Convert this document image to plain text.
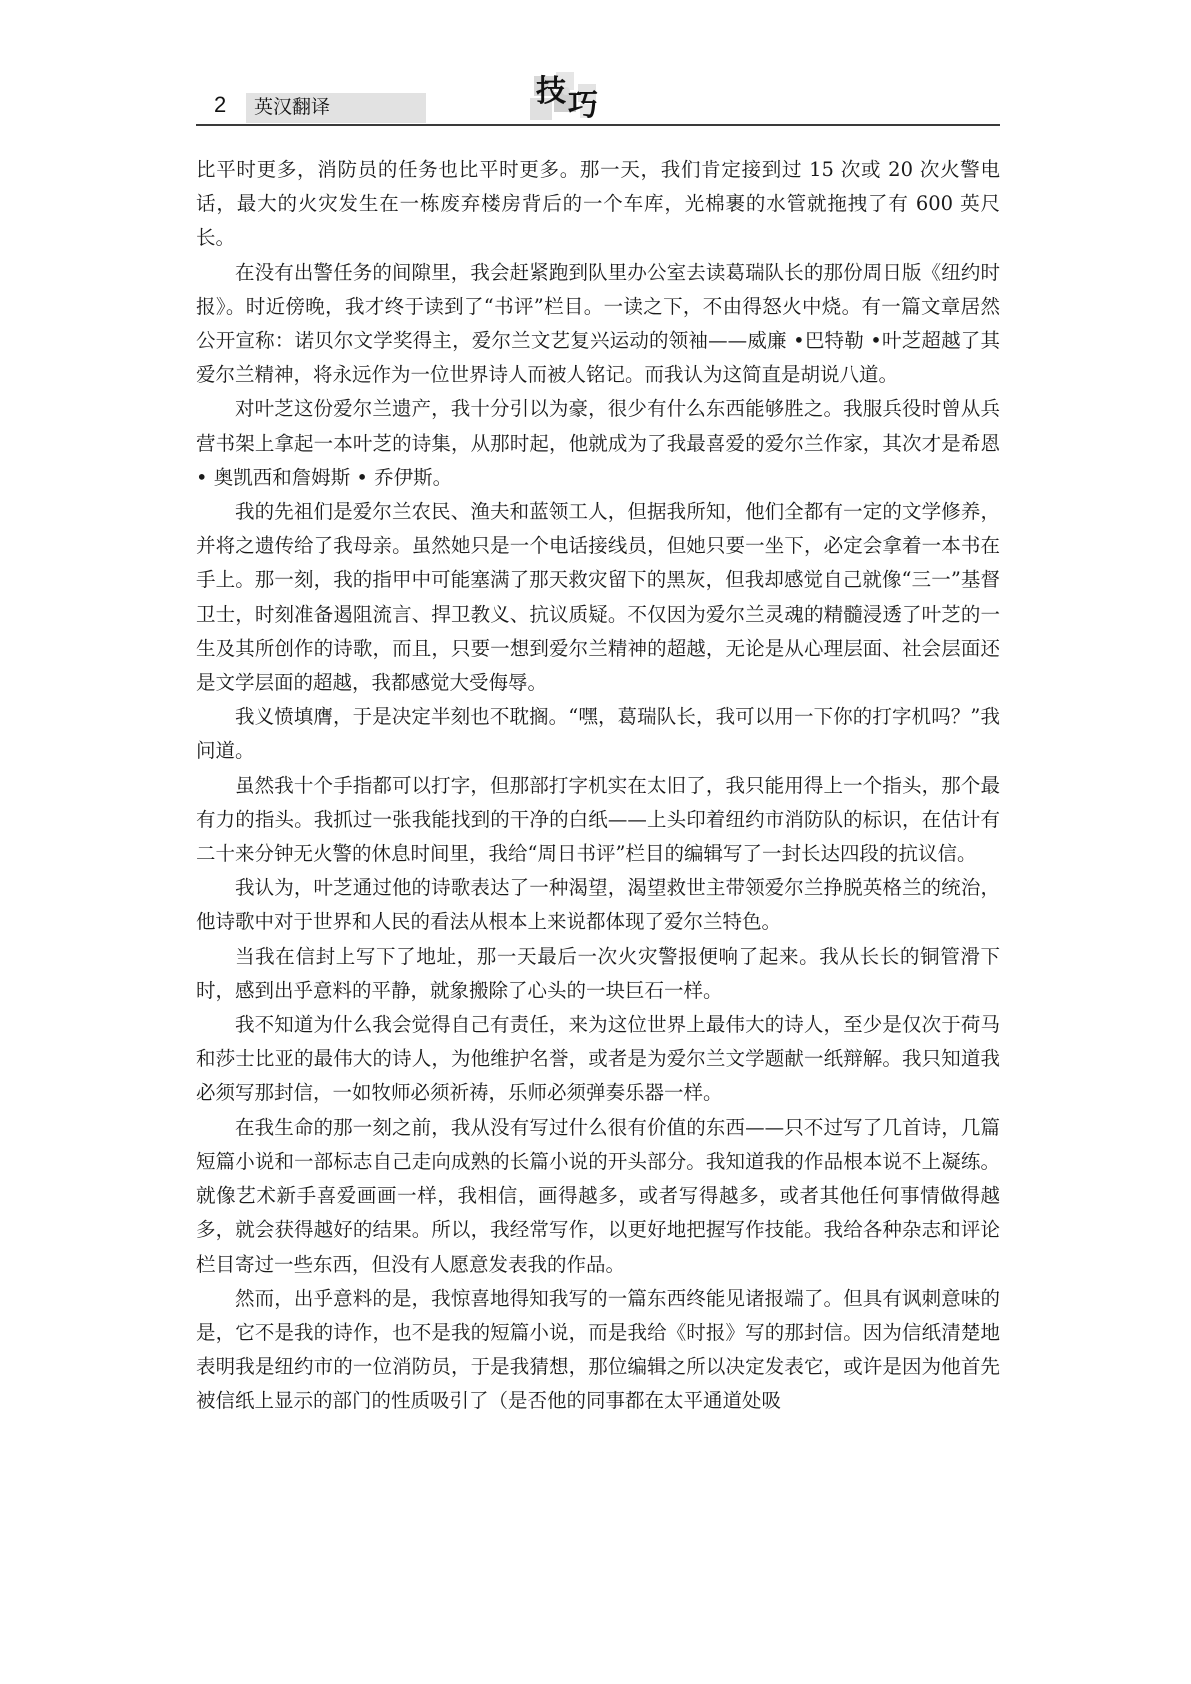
2 英汉翻译	技 巧

比平时更多，消防员的任务也比平时更多。那一天，我们肯定接到过 15 次或 20 次火警电话，最大的火灾发生在一栋废弃楼房背后的一个车库，光棉裹的水管就拖拽了有 600 英尺长。

在没有出警任务的间隙里，我会赶紧跑到队里办公室去读葛瑞队长的那份周日版《纽约时报》。时近傍晚，我才终于读到了“书评”栏目。一读之下，不由得怒火中烧。有一篇文章居然公开宣称：诺贝尔文学奖得主，爱尔兰文艺复兴运动的领袖——威廉 •巴特勒 •叶芝超越了其爱尔兰精神，将永远作为一位世界诗人而被人铭记。而我认为这简直是胡说八道。

对叶芝这份爱尔兰遗产，我十分引以为豪，很少有什么东西能够胜之。我服兵役时曾从兵营书架上拿起一本叶芝的诗集，从那时起，他就成为了我最喜爱的爱尔兰作家，其次才是希恩 • 奥凯西和詹姆斯 • 乔伊斯。

我的先祖们是爱尔兰农民、渔夫和蓝领工人，但据我所知，他们全都有一定的文学修养，并将之遗传给了我母亲。虽然她只是一个电话接线员，但她只要一坐下，必定会拿着一本书在手上。那一刻，我的指甲中可能塞满了那天救灾留下的黑灰，但我却感觉自己就像“三一”基督卫士，时刻准备遏阻流言、捍卫教义、抗议质疑。不仅因为爱尔兰灵魂的精髓浸透了叶芝的一生及其所创作的诗歌，而且，只要一想到爱尔兰精神的超越，无论是从心理层面、社会层面还是文学层面的超越，我都感觉大受侮辱。

我义愤填膺，于是决定半刻也不耽搁。“嘿，葛瑞队长，我可以用一下你的打字机吗？”我问道。

虽然我十个手指都可以打字，但那部打字机实在太旧了，我只能用得上一个指头，那个最有力的指头。我抓过一张我能找到的干净的白纸——上头印着纽约市消防队的标识，在估计有二十来分钟无火警的休息时间里，我给“周日书评”栏目的编辑写了一封长达四段的抗议信。

我认为，叶芝通过他的诗歌表达了一种渴望，渴望救世主带领爱尔兰挣脱英格兰的统治，他诗歌中对于世界和人民的看法从根本上来说都体现了爱尔兰特色。

当我在信封上写下了地址，那一天最后一次火灾警报便响了起来。我从长长的铜管滑下时，感到出乎意料的平静，就象搬除了心头的一块巨石一样。

我不知道为什么我会觉得自己有责任，来为这位世界上最伟大的诗人，至少是仅次于荷马和莎士比亚的最伟大的诗人，为他维护名誉，或者是为爱尔兰文学题献一纸辩解。我只知道我必须写那封信，一如牧师必须祈祷，乐师必须弹奏乐器一样。

在我生命的那一刻之前，我从没有写过什么很有价值的东西——只不过写了几首诗，几篇短篇小说和一部标志自己走向成熟的长篇小说的开头部分。我知道我的作品根本说不上凝练。就像艺术新手喜爱画画一样，我相信，画得越多，或者写得越多，或者其他任何事情做得越多，就会获得越好的结果。所以，我经常写作，以更好地把握写作技能。我给各种杂志和评论栏目寄过一些东西，但没有人愿意发表我的作品。

然而，出乎意料的是，我惊喜地得知我写的一篇东西终能见诸报端了。但具有讽刺意味的是，它不是我的诗作，也不是我的短篇小说，而是我给《时报》写的那封信。因为信纸清楚地表明我是纽约市的一位消防员，于是我猜想，那位编辑之所以决定发表它，或许是因为他首先被信纸上显示的部门的性质吸引了（是否他的同事都在太平通道处吸
